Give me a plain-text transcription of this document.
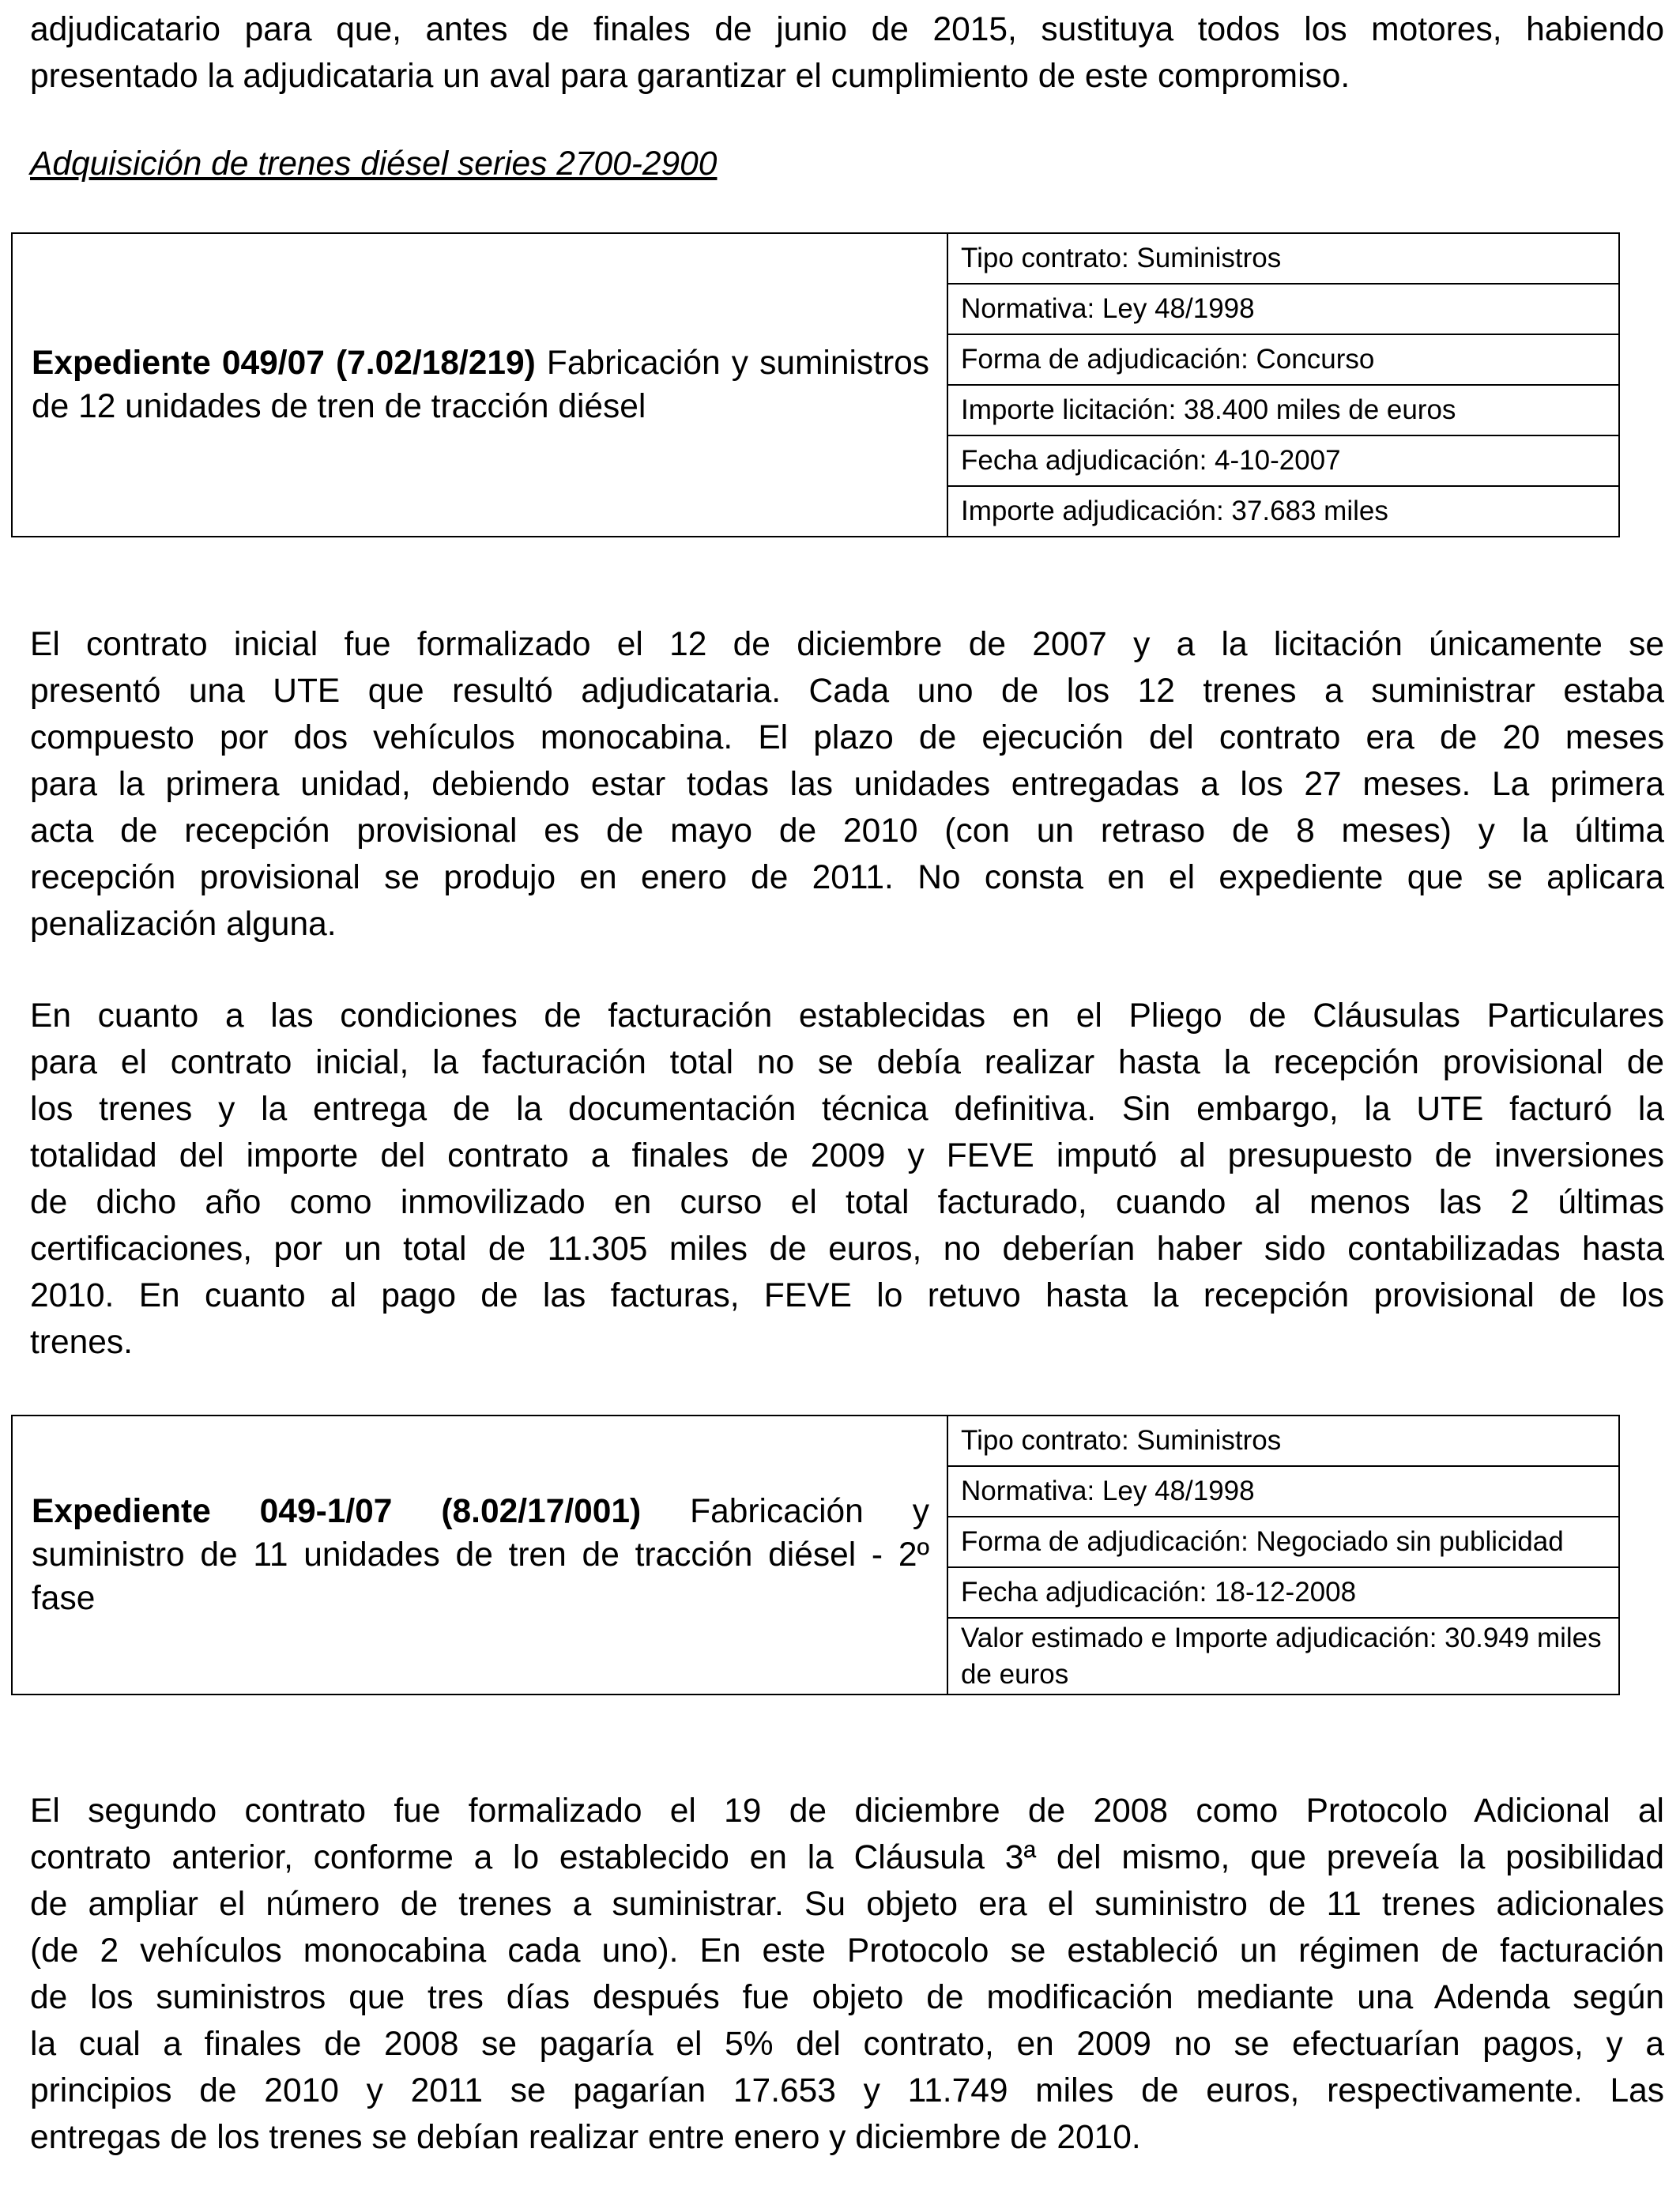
adjudicatario para que, antes de finales de junio de 2015, sustituya todos los motores, habiendo
presentado la adjudicataria un aval para garantizar el cumplimiento de este compromiso.
Adquisición de trenes diésel series 2700-2900
Expediente 049/07 (7.02/18/219) Fabricación y suministros de 12 unidades de tren de tracción diésel	Tipo contrato: Suministros
Normativa: Ley 48/1998
Forma de adjudicación: Concurso
Importe licitación: 38.400 miles de euros
Fecha adjudicación: 4-10-2007
Importe adjudicación: 37.683 miles
El contrato inicial fue formalizado el 12 de diciembre de 2007 y a la licitación únicamente se
presentó una UTE que resultó adjudicataria. Cada uno de los 12 trenes a suministrar estaba
compuesto por dos vehículos monocabina. El plazo de ejecución del contrato era de 20 meses
para la primera unidad, debiendo estar todas las unidades entregadas a los 27 meses. La primera
acta de recepción provisional es de mayo de 2010 (con un retraso de 8 meses) y la última
recepción provisional se produjo en enero de 2011. No consta en el expediente que se aplicara
penalización alguna.
En cuanto a las condiciones de facturación establecidas en el Pliego de Cláusulas Particulares
para el contrato inicial, la facturación total no se debía realizar hasta la recepción provisional de
los trenes y la entrega de la documentación técnica definitiva. Sin embargo, la UTE facturó la
totalidad del importe del contrato a finales de 2009 y FEVE imputó al presupuesto de inversiones
de dicho año como inmovilizado en curso el total facturado, cuando al menos las 2 últimas
certificaciones, por un total de 11.305 miles de euros, no deberían haber sido contabilizadas hasta
2010. En cuanto al pago de las facturas, FEVE lo retuvo hasta la recepción provisional de los
trenes.
Expediente 049-1/07 (8.02/17/001) Fabricación y suministro de 11 unidades de tren de tracción diésel - 2º fase	Tipo contrato: Suministros
Normativa: Ley 48/1998
Forma de adjudicación: Negociado sin publicidad
Fecha adjudicación: 18-12-2008
Valor estimado e Importe adjudicación: 30.949 miles de euros
El segundo contrato fue formalizado el 19 de diciembre de 2008 como Protocolo Adicional al
contrato anterior, conforme a lo establecido en la Cláusula 3ª del mismo, que preveía la posibilidad
de ampliar el número de trenes a suministrar. Su objeto era el suministro de 11 trenes adicionales
(de 2 vehículos monocabina cada uno). En este Protocolo se estableció un régimen de facturación
de los suministros que tres días después fue objeto de modificación mediante una Adenda según
la cual a finales de 2008 se pagaría el 5% del contrato, en 2009 no se efectuarían pagos, y a
principios de 2010 y 2011 se pagarían 17.653 y 11.749 miles de euros, respectivamente. Las
entregas de los trenes se debían realizar entre enero y diciembre de 2010.
